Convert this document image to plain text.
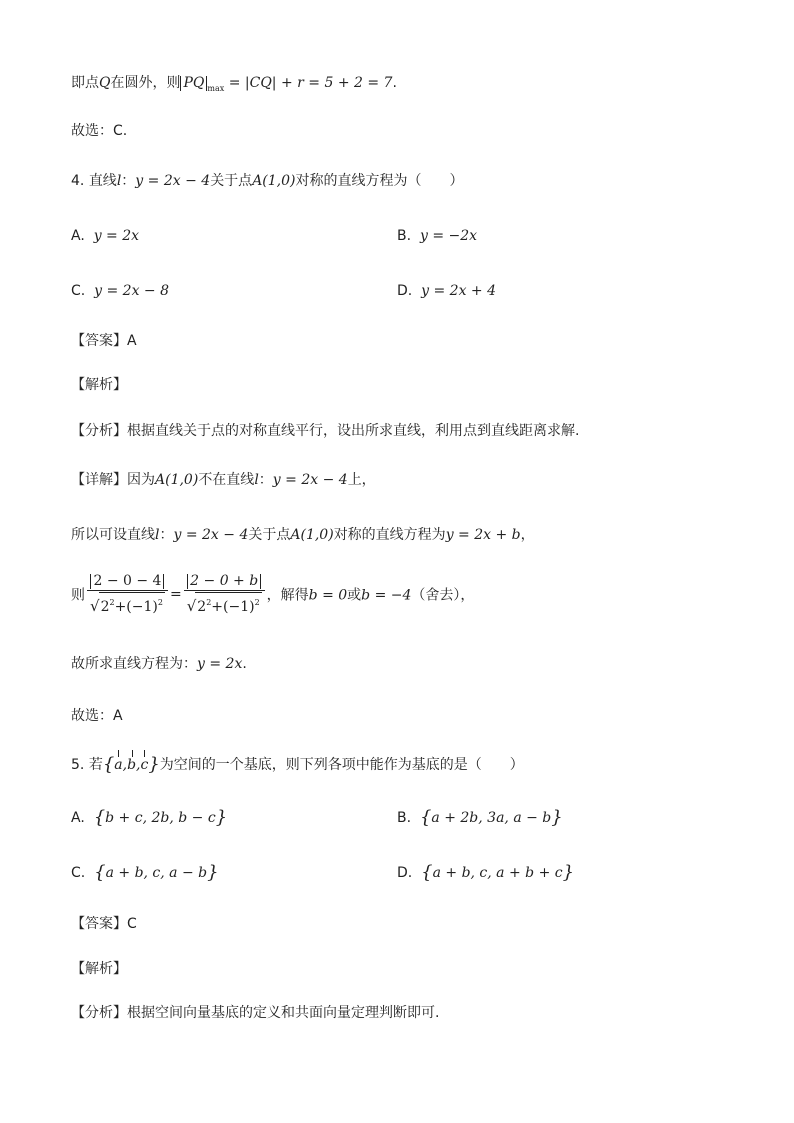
即点Q在圆外，则 PQ $_{max}$ = |CQ| + r = 5 + 2 = 7.
故选：C.
4. 直线l：y = 2x − 4关于点A(1,0)对称的直线方程为（　　）
A. y = 2x	B. y = −2x
C. y = 2x − 8	D. y = 2x + 4
【答案】A
【解析】
【分析】根据直线关于点的对称直线平行，设出所求直线，利用点到直线距离求解.
【详解】因为A(1,0)不在直线l：y = 2x − 4上，
所以可设直线l：y = 2x − 4关于点A(1,0)对称的直线方程为y = 2x + b，
则 $\frac{2 - 0 - 4}{√2^2+(-1)^2} = \frac{2 - 0 + b}{√2^2+(-1)^2}$ ，解得b = 0或b = −4（舍去），
故所求直线方程为：y = 2x.
故选：A
5. 若{a,b,c}为空间的一个基底，则下列各项中能作为基底的是（　　）
A. {b + c, 2b, b − c}	B. {a + 2b, 3a, a − b}
C. {a + b, c, a − b}	D. {a + b, c, a + b + c}
【答案】C
【解析】
【分析】根据空间向量基底的定义和共面向量定理判断即可.
